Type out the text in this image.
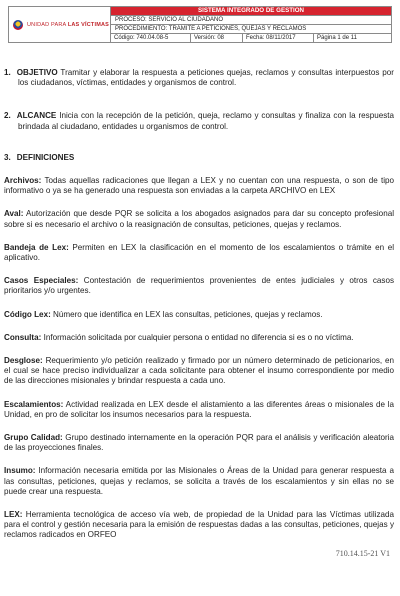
UNIDAD PARA LAS VÍCTIMAS
SISTEMA INTEGRADO DE GESTIÓN
PROCESO: SERVICIO AL CIUDADANO
PROCEDIMIENTO: TRÁMITE A PETICIONES, QUEJAS Y RECLAMOS
Código: 740.04.08-5	Versión: 08	Fecha: 08/11/2017	Página 1 de 11

1. OBJETIVO Tramitar y elaborar la respuesta a peticiones quejas, reclamos y consultas interpuestos por los ciudadanos, víctimas, entidades y organismos de control.

2. ALCANCE Inicia con la recepción de la petición, queja, reclamo y consultas y finaliza con la respuesta brindada al ciudadano, entidades u organismos de control.

3. DEFINICIONES

Archivos: Todas aquellas radicaciones que llegan a LEX y no cuentan con una respuesta, o son de tipo informativo o ya se ha generado una respuesta son enviadas a la carpeta ARCHIVO en LEX

Aval: Autorización que desde PQR se solicita a los abogados asignados para dar su concepto profesional sobre si es necesario el archivo o la reasignación de consultas, peticiones, quejas y reclamos.

Bandeja de Lex: Permiten en LEX la clasificación en el momento de los escalamientos o trámite en el aplicativo.

Casos Especiales: Contestación de requerimientos provenientes de entes judiciales y otros casos prioritarios y/o urgentes.

Código Lex: Número que identifica en LEX las consultas, peticiones, quejas y reclamos.

Consulta: Información solicitada por cualquier persona o entidad no diferencia si es o no víctima.

Desglose: Requerimiento y/o petición realizado y firmado por un número determinado de peticionarios, en el cual se hace preciso individualizar a cada solicitante para obtener el insumo correspondiente por medio de las direcciones misionales y brindar respuesta a cada uno.

Escalamientos: Actividad realizada en LEX desde el alistamiento a las diferentes áreas o misionales de la Unidad, en pro de solicitar los insumos necesarios para la respuesta.

Grupo Calidad: Grupo destinado internamente en la operación PQR para el análisis y verificación aleatoria de las proyecciones finales.

Insumo: Información necesaria emitida por las Misionales o Áreas de la Unidad para generar respuesta a las consultas, peticiones, quejas y reclamos, se solicita a través de los escalamientos y sin ellas no se puede crear una respuesta.

LEX: Herramienta tecnológica de acceso vía web, de propiedad de la Unidad para las Víctimas utilizada para el control y gestión necesaria para la emisión de respuestas dadas a las consultas, peticiones, quejas y reclamos radicados en ORFEO

710.14.15-21 V1
